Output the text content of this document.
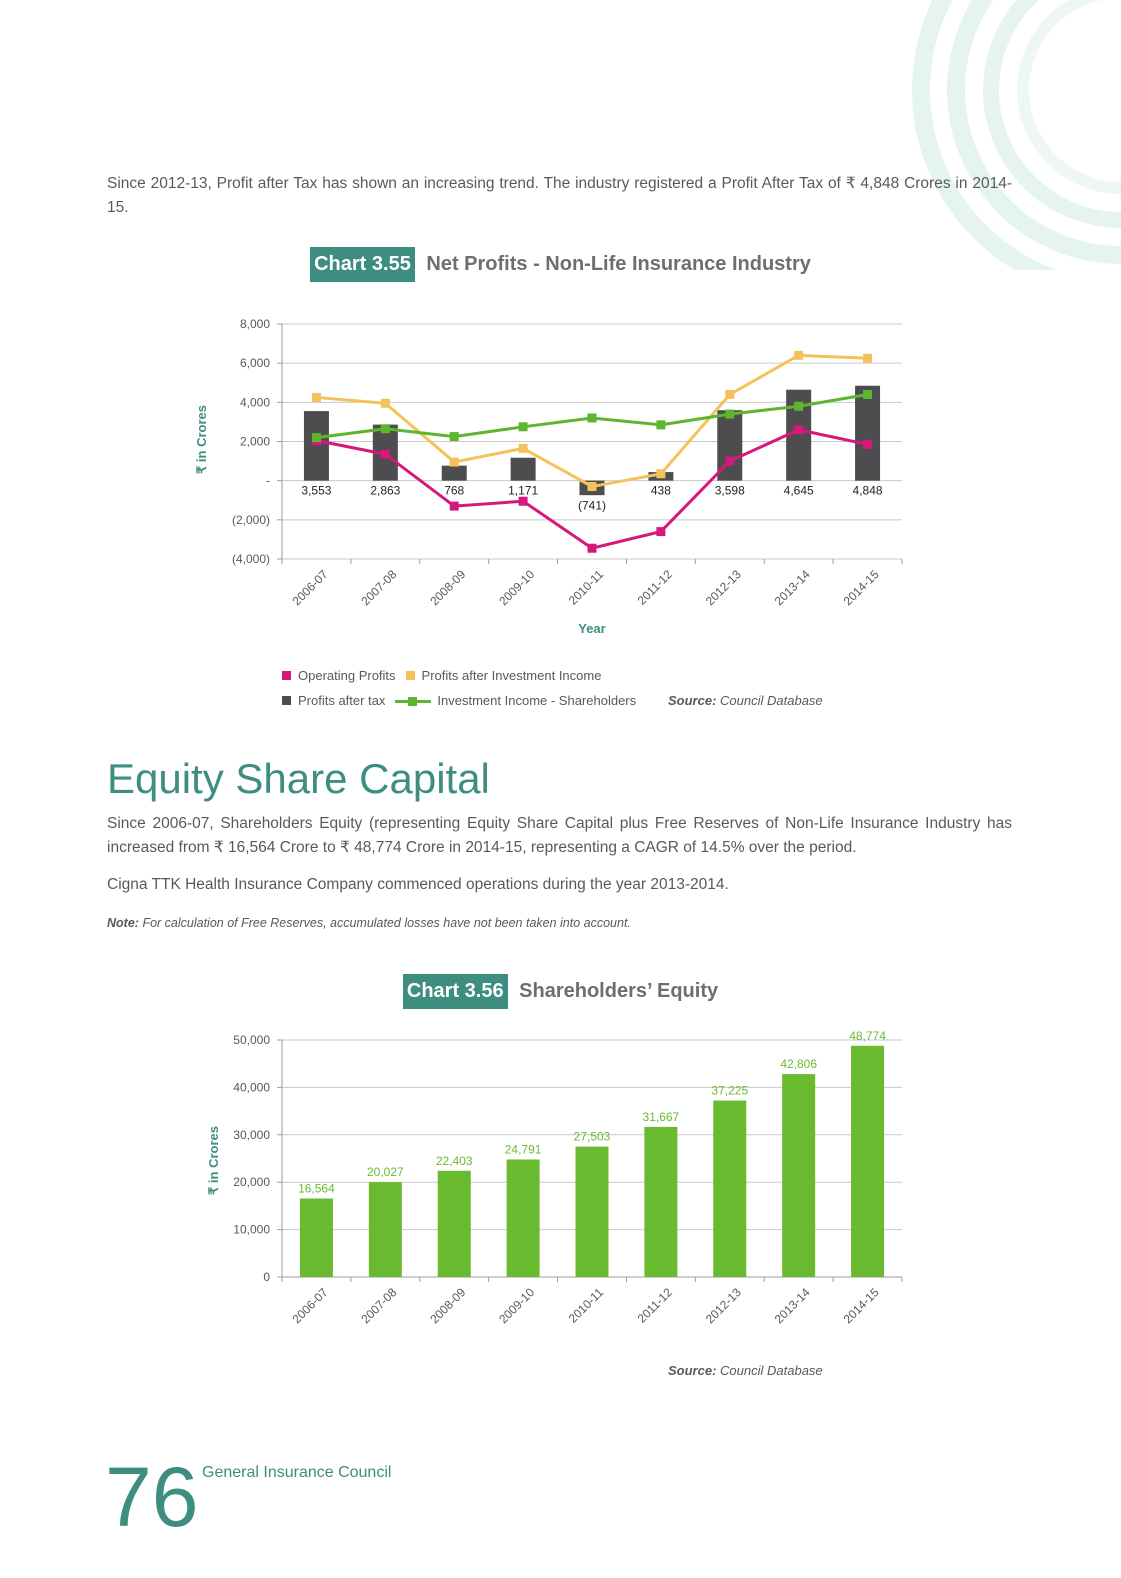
Since 2012-13, Profit after Tax has shown an increasing trend. The industry registered a Profit After Tax of ₹ 4,848 Crores in 2014-15.

Chart 3.55 Net Profits - Non-Life Insurance Industry
8,000
6,000
4,000
2,000
-
(2,000)
(4,000)
3,553	2,863	768	1,171
(741)
438	3,598	4,645	4,848
2006-07 2007-08 2008-09 2009-10 2010-11 2011-12 2012-13 2013-14 2014-15
Year
₹ in Crores
Operating Profits Profits after Investment Income
Profits after tax	Investment Income - Shareholders Source: Council Database
Equity Share Capital

Since 2006-07, Shareholders Equity (representing Equity Share Capital plus Free Reserves of Non-Life Insurance Industry has increased from ₹ 16,564 Crore to ₹ 48,774 Crore in 2014-15, representing a CAGR of 14.5% over the period.

Cigna TTK Health Insurance Company commenced operations during the year 2013-2014.

Note: For calculation of Free Reserves, accumulated losses have not been taken into account.
Chart 3.56 Shareholders’ Equity
50,000
40,000
30,000
20,000
10,000
0
16,564
20,027
22,403
24,791
27,503
31,667
37,225
42,806
48,774
2006-07 2007-08 2008-09 2009-10 2010-11 2011-12 2012-13 2013-14 2014-15
₹ in Crores
Source: Council Database
76 General Insurance Council
